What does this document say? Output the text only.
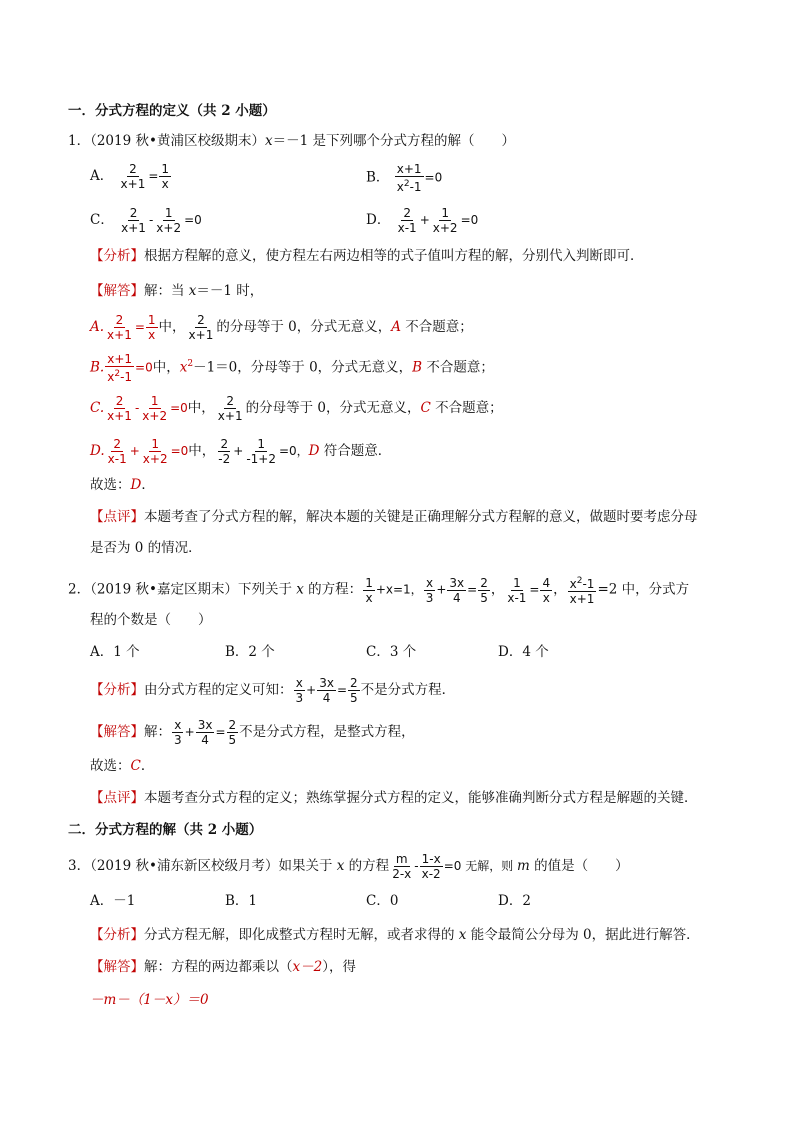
一．分式方程的定义（共 2 小题）
1．（2019 秋•黄浦区校级期末）x＝－1 是下列哪个分式方程的解（　　）
A． $\frac{2}{x+1} = \frac{1}{x}$	B． $\frac{x+1}{x^2-1} =0$
C． $\frac{2}{x+1} - \frac{1}{x+2} =0$	D． $\frac{2}{x-1} + \frac{1}{x+2} =0$
【分析】根据方程解的意义，使方程左右两边相等的式子值叫方程的解，分别代入判断即可．
【解答】解：当 x＝－1 时，
A. $\frac{2}{x+1} = \frac{1}{x}$ 中， $\frac{2}{x+1}$ 的分母等于 0，分式无意义，A 不合题意；
B. $\frac{x+1}{x^2-1} =0$中，$x^2-1=0$，分母等于 0，分式无意义，B 不合题意；
C. $\frac{2}{x+1} - \frac{1}{x+2} =0$中， $\frac{2}{x+1}$ 的分母等于 0，分式无意义，C 不合题意；
D. $\frac{2}{x-1} + \frac{1}{x+2} =0$中， $\frac{2}{-2} + \frac{1}{-1+2} =0$，D 符合题意．
故选：D．
【点评】本题考查了分式方程的解，解决本题的关键是正确理解分式方程解的意义，做题时要考虑分母
是否为 0 的情况．
2．（2019 秋•嘉定区期末）下列关于 x 的方程： $\frac{1}{x} +x=1$， $\frac{x}{3} + \frac{3x}{4} = \frac{2}{5}$ ， $\frac{1}{x-1} = \frac{4}{x}$ ， $\frac{x^2-1}{x+1} =2$ 中，分式方
程的个数是（　　）
A．1 个	B．2 个	C．3 个	D．4 个
【分析】由分式方程的定义可知： $\frac{x}{3} + \frac{3x}{4} = \frac{2}{5}$ 不是分式方程．
【解答】解： $\frac{x}{3} + \frac{3x}{4} = \frac{2}{5}$ 不是分式方程，是整式方程，
故选：C．
【点评】本题考查分式方程的定义；熟练掌握分式方程的定义，能够准确判断分式方程是解题的关键．
二．分式方程的解（共 2 小题）
3．（2019 秋•浦东新区校级月考）如果关于 x 的方程 $\frac{m}{2-x} - \frac{1-x}{x-2} =0$ 无解，则 m 的值是（　　）
A．－1	B．1	C．0	D．2
【分析】分式方程无解，即化成整式方程时无解，或者求得的 x 能令最简公分母为 0，据此进行解答．
【解答】解：方程的两边都乘以（x－2），得
－m－（1－x）＝0
